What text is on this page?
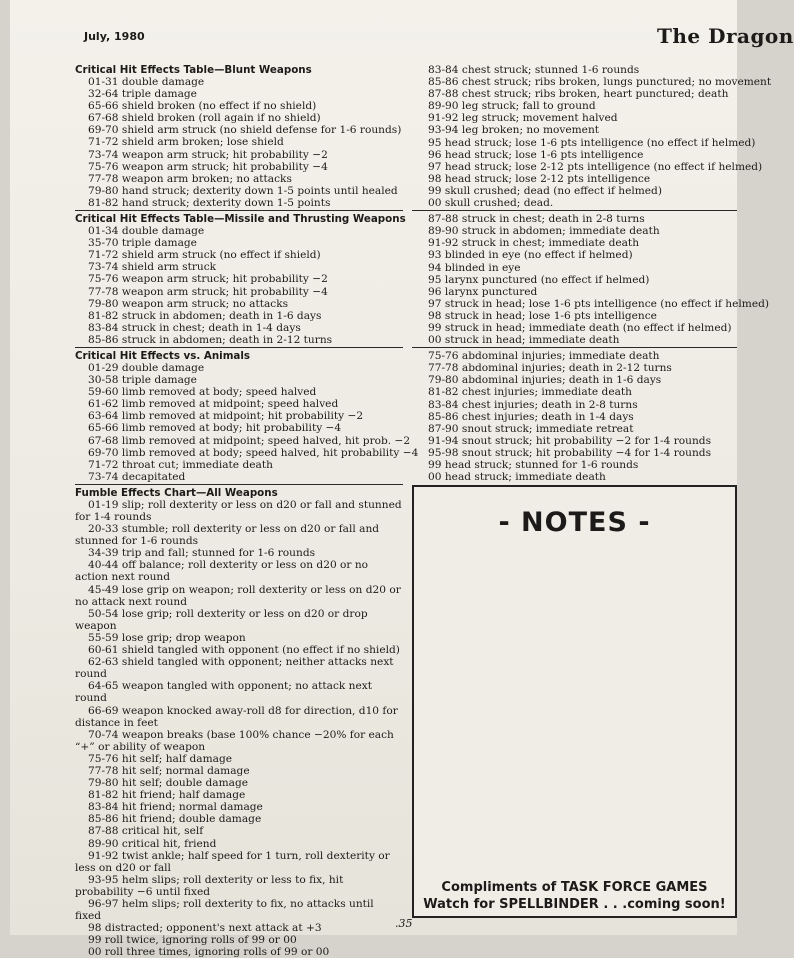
July, 1980	The Dragon
Critical Hit Effects Table—Blunt Weapons
01-31 double damage
32-64 triple damage
65-66 shield broken (no effect if no shield)
67-68 shield broken (roll again if no shield)
69-70 shield arm struck (no shield defense for 1-6 rounds)
71-72 shield arm broken; lose shield
73-74 weapon arm struck; hit probability −2
75-76 weapon arm struck; hit probability −4
77-78 weapon arm broken; no attacks
79-80 hand struck; dexterity down 1-5 points until healed
81-82 hand struck; dexterity down 1-5 points
Critical Hit Effects Table—Missile and Thrusting Weapons
01-34 double damage
35-70 triple damage
71-72 shield arm struck (no effect if shield)
73-74 shield arm struck
75-76 weapon arm struck; hit probability −2
77-78 weapon arm struck; hit probability −4
79-80 weapon arm struck; no attacks
81-82 struck in abdomen; death in 1-6 days
83-84 struck in chest; death in 1-4 days
85-86 struck in abdomen; death in 2-12 turns
Critical Hit Effects vs. Animals
01-29 double damage
30-58 triple damage
59-60 limb removed at body; speed halved
61-62 limb removed at midpoint; speed halved
63-64 limb removed at midpoint; hit probability −2
65-66 limb removed at body; hit probability −4
67-68 limb removed at midpoint; speed halved, hit prob. −2
69-70 limb removed at body; speed halved, hit probability −4
71-72 throat cut; immediate death
73-74 decapitated
Fumble Effects Chart—All Weapons
01-19 slip; roll dexterity or less on d20 or fall and stunned for 1-4 rounds
20-33 stumble; roll dexterity or less on d20 or fall and stunned for 1-6 rounds
34-39 trip and fall; stunned for 1-6 rounds
40-44 off balance; roll dexterity or less on d20 or no action next round
45-49 lose grip on weapon; roll dexterity or less on d20 or no attack next round
50-54 lose grip; roll dexterity or less on d20 or drop weapon
55-59 lose grip; drop weapon
60-61 shield tangled with opponent (no effect if no shield)
62-63 shield tangled with opponent; neither attacks next round
64-65 weapon tangled with opponent; no attack next round
66-69 weapon knocked away-roll d8 for direction, d10 for distance in feet
70-74 weapon breaks (base 100% chance −20% for each “+” or ability of weapon
75-76 hit self; half damage
77-78 hit self; normal damage
79-80 hit self; double damage
81-82 hit friend; half damage
83-84 hit friend; normal damage
85-86 hit friend; double damage
87-88 critical hit, self
89-90 critical hit, friend
91-92 twist ankle; half speed for 1 turn, roll dexterity or less on d20 or fall
93-95 helm slips; roll dexterity or less to fix, hit probability −6 until fixed
96-97 helm slips; roll dexterity to fix, no attacks until fixed
98 distracted; opponent's next attack at +3
99 roll twice, ignoring rolls of 99 or 00
00 roll three times, ignoring rolls of 99 or 00
83-84 chest struck; stunned 1-6 rounds
85-86 chest struck; ribs broken, lungs punctured; no movement
87-88 chest struck; ribs broken, heart punctured; death
89-90 leg struck; fall to ground
91-92 leg struck; movement halved
93-94 leg broken; no movement
95 head struck; lose 1-6 pts intelligence (no effect if helmed)
96 head struck; lose 1-6 pts intelligence
97 head struck; lose 2-12 pts intelligence (no effect if helmed)
98 head struck; lose 2-12 pts intelligence
99 skull crushed; dead (no effect if helmed)
00 skull crushed; dead.
87-88 struck in chest; death in 2-8 turns
89-90 struck in abdomen; immediate death
91-92 struck in chest; immediate death
93 blinded in eye (no effect if helmed)
94 blinded in eye
95 larynx punctured (no effect if helmed)
96 larynx punctured
97 struck in head; lose 1-6 pts intelligence (no effect if helmed)
98 struck in head; lose 1-6 pts intelligence
99 struck in head; immediate death (no effect if helmed)
00 struck in head; immediate death
75-76 abdominal injuries; immediate death
77-78 abdominal injuries; death in 2-12 turns
79-80 abdominal injuries; death in 1-6 days
81-82 chest injuries; immediate death
83-84 chest injuries; death in 2-8 turns
85-86 chest injuries; death in 1-4 days
87-90 snout struck; immediate retreat
91-94 snout struck; hit probability −2 for 1-4 rounds
95-98 snout struck; hit probability −4 for 1-4 rounds
99 head struck; stunned for 1-6 rounds
00 head struck; immediate death
- NOTES -
Compliments of TASK FORCE GAMES
Watch for SPELLBINDER . . .coming soon!
.35
